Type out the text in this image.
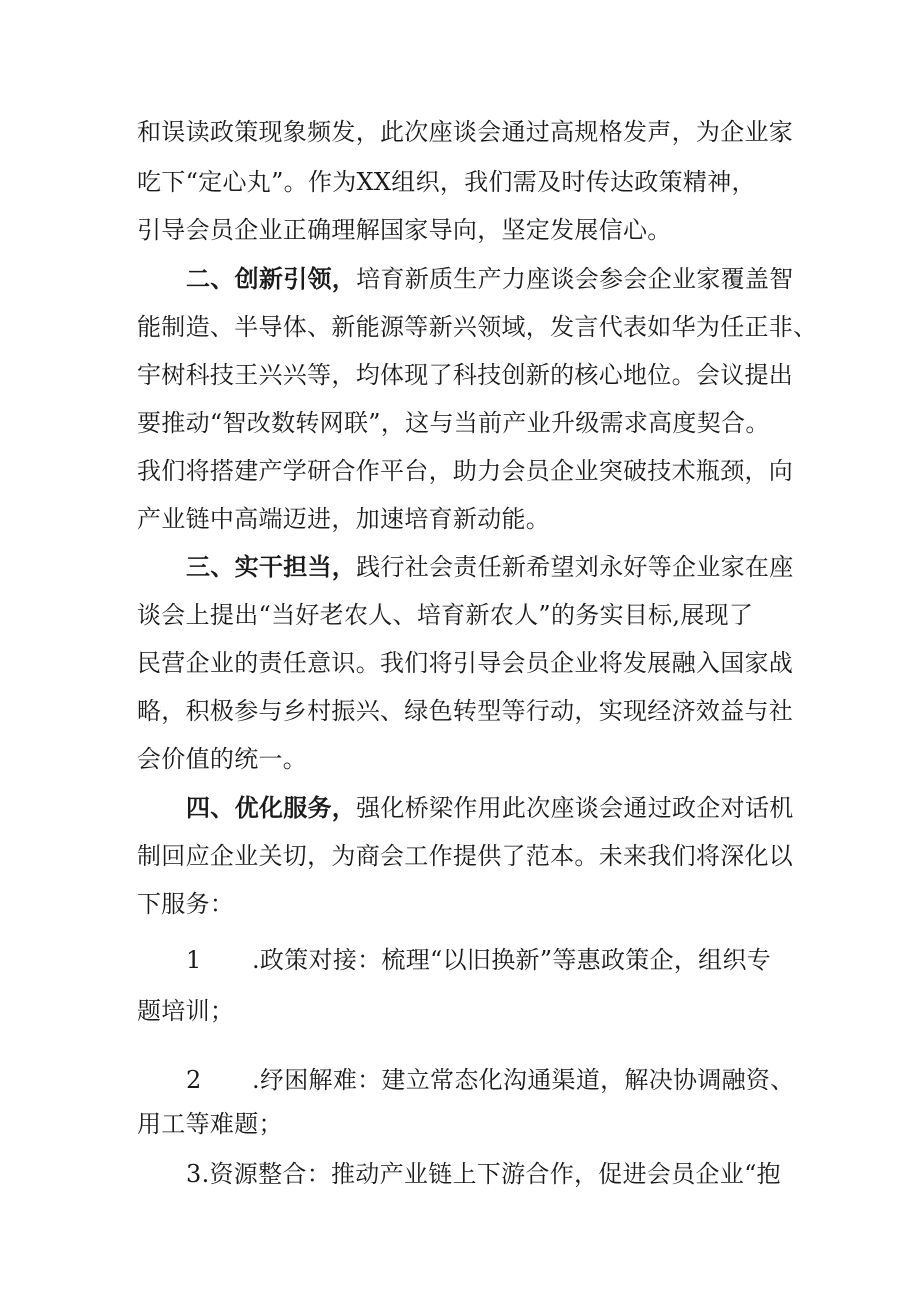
和误读政策现象频发，此次座谈会通过高规格发声，为企业家
吃下“定心丸”。作为XX组织，我们需及时传达政策精神，
引导会员企业正确理解国家导向，坚定发展信心。
二、创新引领，培育新质生产力座谈会参会企业家覆盖智
能制造、半导体、新能源等新兴领域，发言代表如华为任正非、
宇树科技王兴兴等，均体现了科技创新的核心地位。会议提出
要推动“智改数转网联”，这与当前产业升级需求高度契合。
我们将搭建产学研合作平台，助力会员企业突破技术瓶颈，向
产业链中高端迈进，加速培育新动能。
三、实干担当，践行社会责任新希望刘永好等企业家在座
谈会上提出“当好老农人、培育新农人”的务实目标,展现了
民营企业的责任意识。我们将引导会员企业将发展融入国家战
略，积极参与乡村振兴、绿色转型等行动，实现经济效益与社
会价值的统一。
四、优化服务，强化桥梁作用此次座谈会通过政企对话机
制回应企业关切，为商会工作提供了范本。未来我们将深化以
下服务：
1 .政策对接：梳理“以旧换新”等惠政策企，组织专
题培训；
2 .纾困解难：建立常态化沟通渠道，解决协调融资、
用工等难题；
3.资源整合：推动产业链上下游合作，促进会员企业“抱
